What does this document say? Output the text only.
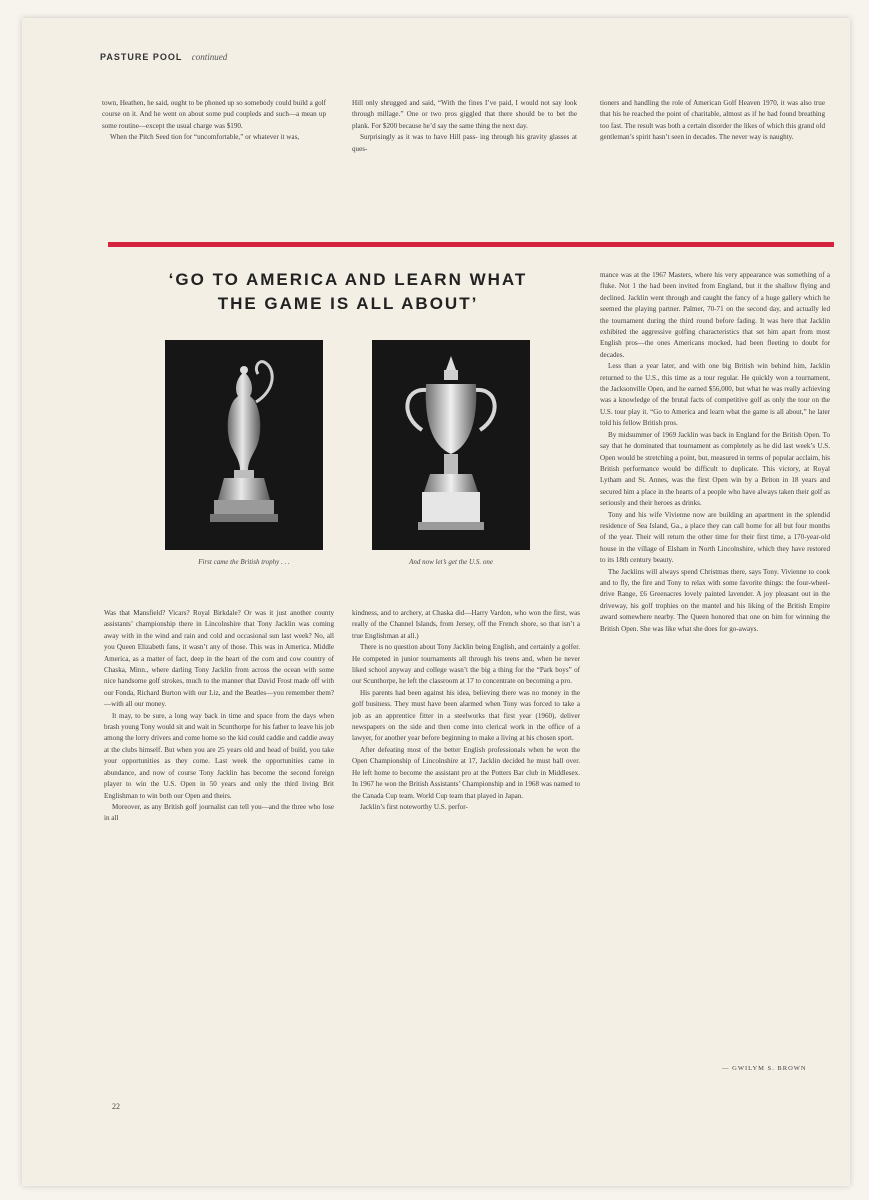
PASTURE POOL continued

town, Heathen, he said, ought to be phoned up so somebody could build a golf course on it. And he went on about some pud coupleds and such—a mean up some routine—except the usual charge was $190.

When the Pitch Seed tion for “uncomfortable,” or whatever it was,

Hill only shrugged and said, “With the fines I’ve paid, I would not say look through millage.” One or two pros giggled that there should be to bet the plank. For $200 because he’d say the same thing the next day.

Surprisingly as it was to have Hill pass- ing through his gravity glasses at ques-

tioners and handling the role of American Golf Heaven 1970, it was also true that his he reached the point of charitable, almost as if he had found breathing too fast. The result was both a certain disorder the likes of which this grand old gentleman’s spirit hasn’t seen in decades. The never way is naughty.

‘GO TO AMERICA AND LEARN WHAT THE GAME IS ALL ABOUT’
First came the British trophy . . .	And now let’s get the U.S. one

Was that Mansfield? Vicars? Royal Birkdale? Or was it just another county assistants’ championship there in Lincolnshire that Tony Jacklin was coming away with in the wind and rain and cold and occasional sun last week? No, all you Queen Elizabeth fans, it wasn’t any of those. This was in America. Middle America, as a matter of fact, deep in the heart of the corn and cow country of Chaska, Minn., where darling Tony Jacklin from across the ocean with some nice handsome golf strokes, much to the manner that David Frost made off with our Fonda, Richard Burton with our Liz, and the Beatles—you remember them?—with all our money.

It may, to be sure, a long way back in time and space from the days when brash young Tony would sit and wait in Scunthorpe for his father to leave his job among the lorry drivers and come home so the kid could caddie and caddie away at the clubs himself. But when you are 25 years old and head of build, you take your opportunities as they come. Last week the opportunities came in abundance, and now of course Tony Jacklin has become the second foreign player to win the U.S. Open in 50 years and only the third living Brit Englishman to win both our Open and theirs.

Moreover, as any British golf journalist can tell you—and the three who lose in all

kindness, and to archery, at Chaska did—Harry Vardon, who won the first, was really of the Channel Islands, from Jersey, off the French shore, so that isn’t a true Englishman at all.)

There is no question about Tony Jacklin being English, and certainly a golfer. He competed in junior tournaments all through his teens and, when he never liked school anyway and college wasn’t the big a thing for the “Park boys” of our Scunthorpe, he left the classroom at 17 to concentrate on becoming a pro.

His parents had been against his idea, believing there was no money in the golf business. They must have been alarmed when Tony was forced to take a job as an apprentice fitter in a steelworks that first year (1960), deliver newspapers on the side and then come into clerical work in the office of a lawyer, for another year before beginning to make a living at his chosen sport.

After defeating most of the better English professionals when he won the Open Championship of Lincolnshire at 17, Jacklin decided he must ball over. He left home to become the assistant pro at the Potters Bar club in Middlesex. In 1967 he won the British Assistants’ Championship and in 1968 was named to the Canada Cup team. World Cup team that played in Japan.

Jacklin’s first noteworthy U.S. perfor-

mance was at the 1967 Masters, where his very appearance was something of a fluke. Not 1 the had been invited from England, but it the shallow flying and declined. Jacklin went through and caught the fancy of a huge gallery which he seemed the playing partner. Palmer, 70-71 on the second day, and actually led the tournament during the third round before fading. It was here that Jacklin exhibited the aggressive golfing characteristics that set him apart from most English pros—the ones Americans mocked, had been fleeting to doubt for decades.

Less than a year later, and with one big British win behind him, Jacklin returned to the U.S., this time as a tour regular. He quickly won a tournament, the Jacksonville Open, and he earned $56,000, but what he was really achieving was a knowledge of the brutal facts of competitive golf as only the tour on the U.S. tour play it. “Go to America and learn what the game is all about,” he later told his fellow British pros.

By midsummer of 1969 Jacklin was back in England for the British Open. To say that he dominated that tournament as completely as he did last week’s U.S. Open would be stretching a point, but, measured in terms of popular acclaim, his British performance would be difficult to duplicate. This victory, at Royal Lytham and St. Annes, was the first Open win by a Briton in 18 years and secured him a place in the hearts of a people who have always taken their golf as seriously and their heroes as drinks.

Tony and his wife Vivienne now are building an apartment in the splendid residence of Sea Island, Ga., a place they can call home for all but four months of the year. Their will return the other time for their first time, a 170-year-old house in the village of Elsham in North Lincolnshire, which they have restored to its 18th century beauty.

The Jacklins will always spend Christmas there, says Tony. Vivienne to cook and to fly, the fire and Tony to relax with some favorite things: the four-wheel-drive Range, £6 Greenacres lovely painted lavender. A joy pleasant out in the driveway, his golf trophies on the mantel and his liking of the British Empire award somewhere nearby. The Queen honored that one on him for winning the British Open. She was like what she does for go-aways.

— GWILYM S. BROWN
22
